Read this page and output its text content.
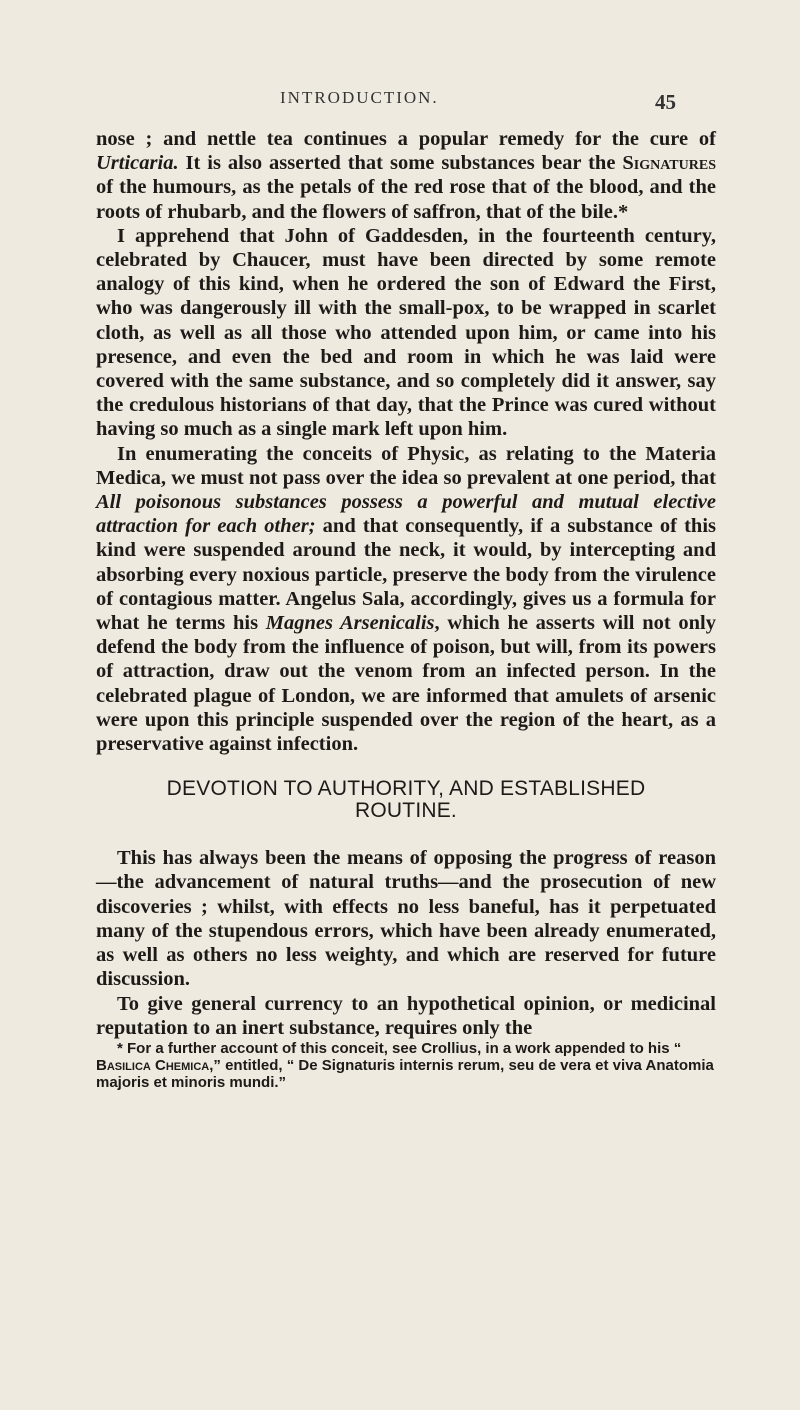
INTRODUCTION.	45

nose ; and nettle tea continues a popular remedy for the cure of Urticaria. It is also asserted that some substances bear the Signatures of the humours, as the petals of the red rose that of the blood, and the roots of rhubarb, and the flowers of saffron, that of the bile.*

I apprehend that John of Gaddesden, in the fourteenth century, celebrated by Chaucer, must have been directed by some remote analogy of this kind, when he ordered the son of Edward the First, who was dangerously ill with the small-pox, to be wrapped in scarlet cloth, as well as all those who attended upon him, or came into his presence, and even the bed and room in which he was laid were covered with the same substance, and so completely did it answer, say the credulous historians of that day, that the Prince was cured without having so much as a single mark left upon him.

In enumerating the conceits of Physic, as relating to the Materia Medica, we must not pass over the idea so prevalent at one period, that All poisonous substances possess a powerful and mutual elective attraction for each other; and that consequently, if a substance of this kind were suspended around the neck, it would, by intercepting and absorbing every noxious particle, preserve the body from the virulence of contagious matter. Angelus Sala, accordingly, gives us a formula for what he terms his Magnes Arsenicalis, which he asserts will not only defend the body from the influence of poison, but will, from its powers of attraction, draw out the venom from an infected person. In the celebrated plague of London, we are informed that amulets of arsenic were upon this principle suspended over the region of the heart, as a preservative against infection.

DEVOTION TO AUTHORITY, AND ESTABLISHED
ROUTINE.

This has always been the means of opposing the progress of reason—the advancement of natural truths—and the prosecution of new discoveries ; whilst, with effects no less baneful, has it perpetuated many of the stupendous errors, which have been already enumerated, as well as others no less weighty, and which are reserved for future discussion.

To give general currency to an hypothetical opinion, or medicinal reputation to an inert substance, requires only the

* For a further account of this conceit, see Crollius, in a work appended to his “ Basilica Chemica,” entitled, “ De Signaturis internis rerum, seu de vera et viva Anatomia majoris et minoris mundi.”
